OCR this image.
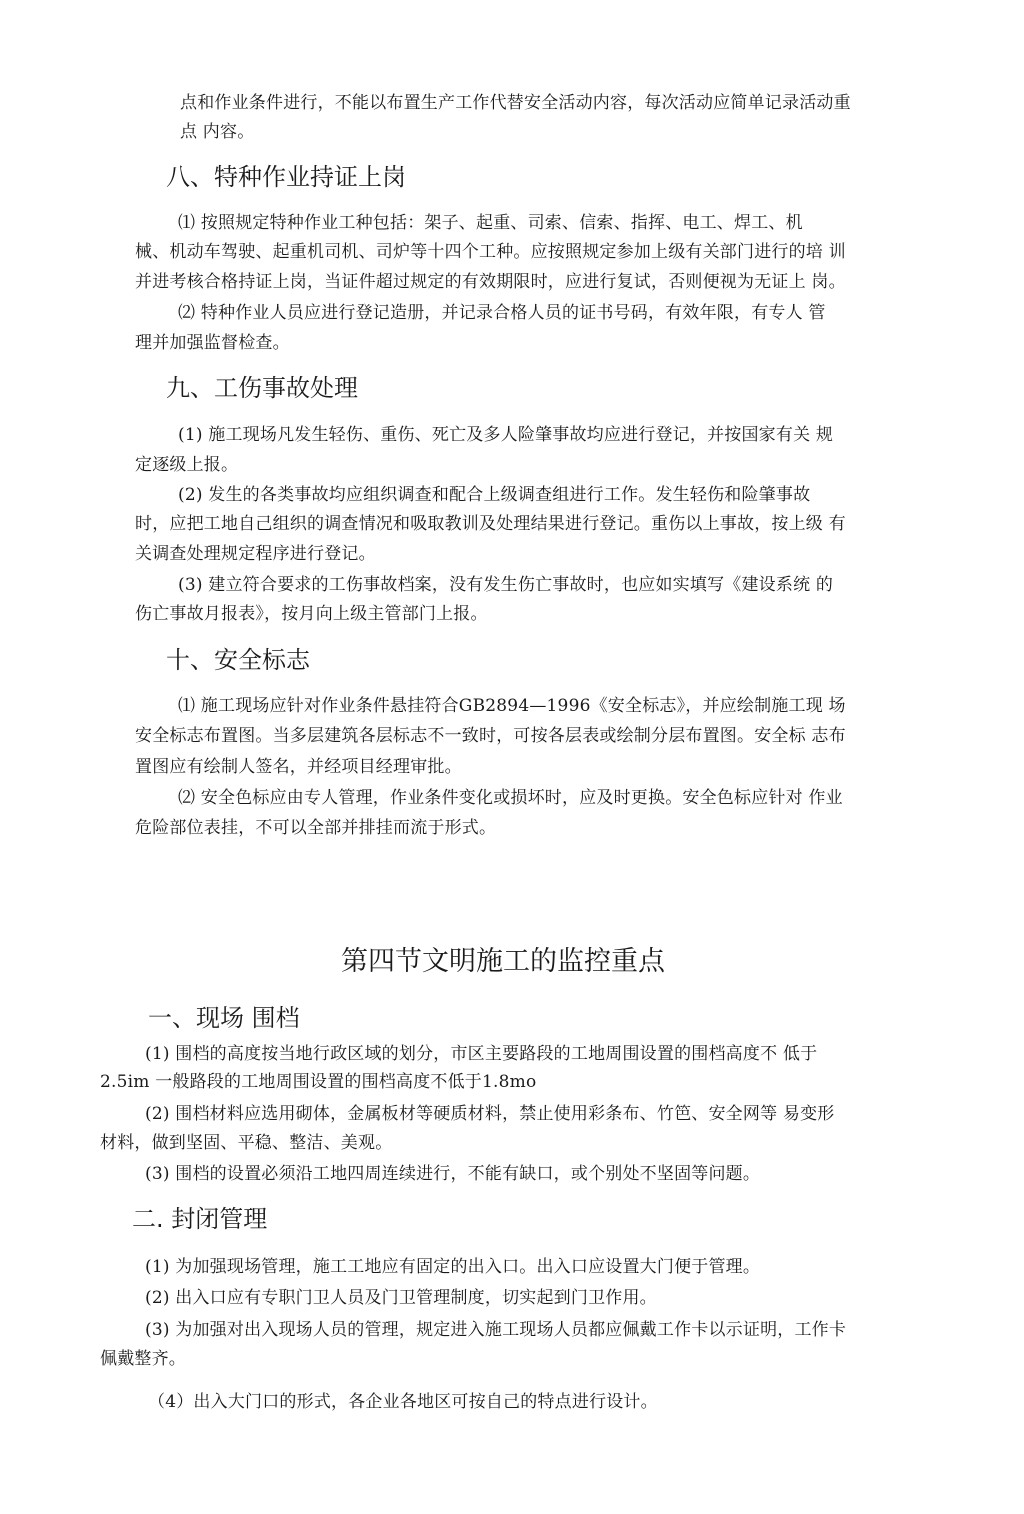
点和作业条件进行，不能以布置生产工作代替安全活动内容，每次活动应简单记录活动重
点 内容。
八、特种作业持证上岗
⑴ 按照规定特种作业工种包括：架子、起重、司索、信索、指挥、电工、焊工、机
械、机动车驾驶、起重机司机、司炉等十四个工种。应按照规定参加上级有关部门进行的培 训
并进考核合格持证上岗，当证件超过规定的有效期限时，应进行复试，否则便视为无证上 岗。
⑵ 特种作业人员应进行登记造册，并记录合格人员的证书号码，有效年限，有专人 管
理并加强监督检查。
九、工伤事故处理
(1) 施工现场凡发生轻伤、重伤、死亡及多人险肇事故均应进行登记，并按国家有关 规
定逐级上报。
(2) 发生的各类事故均应组织调查和配合上级调查组进行工作。发生轻伤和险肇事故
时，应把工地自己组织的调查情况和吸取教训及处理结果进行登记。重伤以上事故，按上级 有
关调查处理规定程序进行登记。
(3) 建立符合要求的工伤事故档案，没有发生伤亡事故时，也应如实填写《建设系统 的
伤亡事故月报表》，按月向上级主管部门上报。
十、安全标志
⑴ 施工现场应针对作业条件悬挂符合GB2894—1996《安全标志》，并应绘制施工现 场
安全标志布置图。当多层建筑各层标志不一致时，可按各层表或绘制分层布置图。安全标 志布
置图应有绘制人签名，并经项目经理审批。
⑵ 安全色标应由专人管理，作业条件变化或损坏时，应及时更换。安全色标应针对 作业
危险部位表挂，不可以全部并排挂而流于形式。
第四节文明施工的监控重点
一、现场 围档
(1) 围档的高度按当地行政区域的划分，市区主要路段的工地周围设置的围档高度不 低于
2.5im 一般路段的工地周围设置的围档高度不低于1.8mo
(2) 围档材料应选用砌体，金属板材等硬质材料，禁止使用彩条布、竹笆、安全网等 易变形
材料，做到坚固、平稳、整洁、美观。
(3) 围档的设置必须沿工地四周连续进行，不能有缺口，或个别处不坚固等问题。
二. 封闭管理
(1) 为加强现场管理，施工工地应有固定的出入口。出入口应设置大门便于管理。
(2) 出入口应有专职门卫人员及门卫管理制度，切实起到门卫作用。
(3) 为加强对出入现场人员的管理，规定进入施工现场人员都应佩戴工作卡以示证明，工作卡
佩戴整齐。
（4）出入大门口的形式，各企业各地区可按自己的特点进行设计。
